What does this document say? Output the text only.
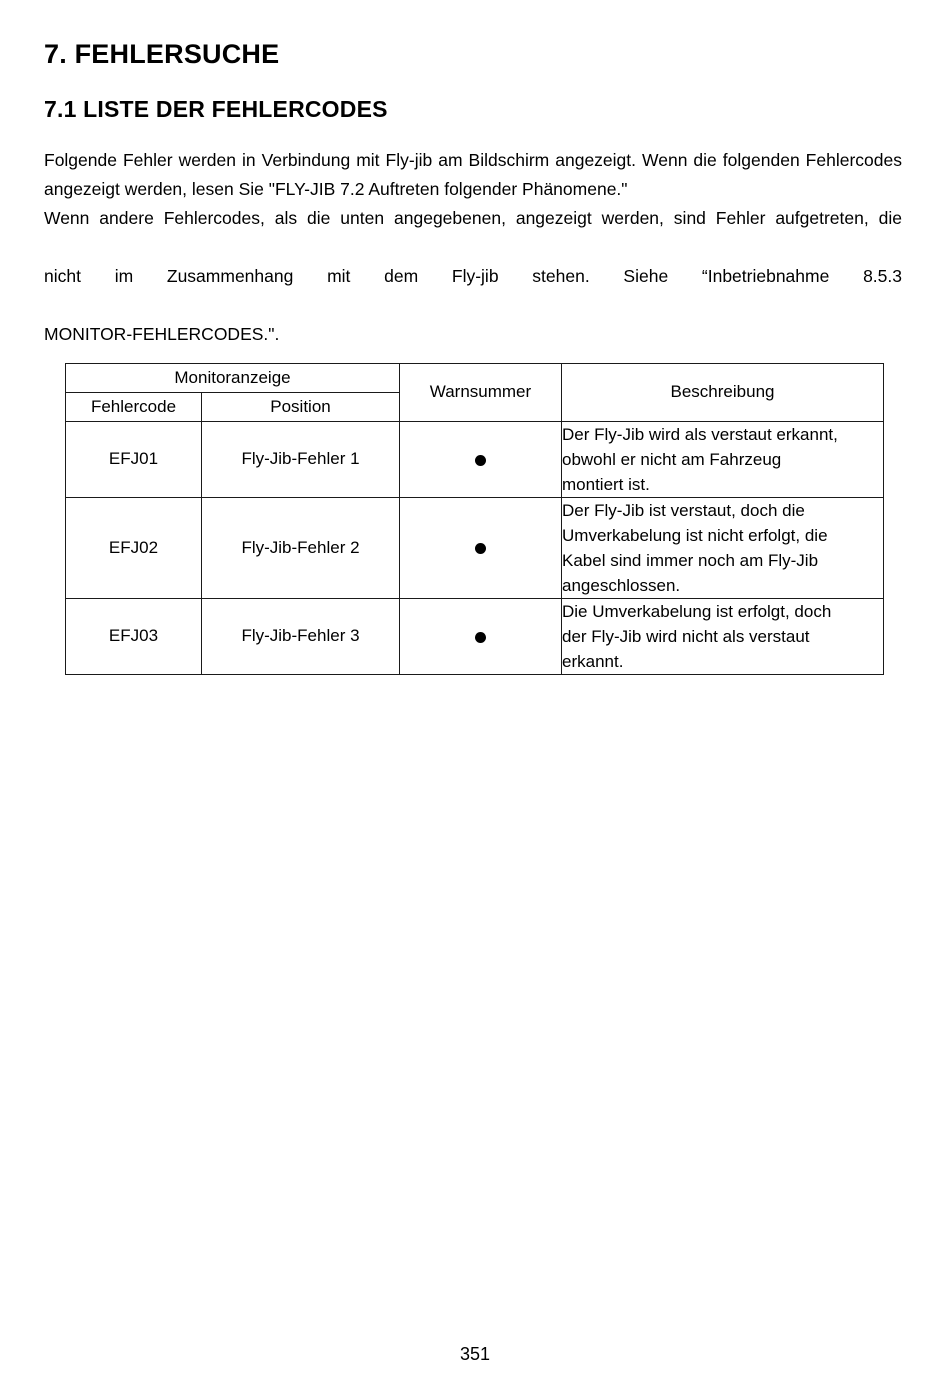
7. FEHLERSUCHE
7.1 LISTE DER FEHLERCODES

Folgende Fehler werden in Verbindung mit Fly-jib am Bildschirm angezeigt. Wenn die folgenden Fehlercodes angezeigt werden, lesen Sie "FLY-JIB 7.2 Auftreten folgender Phänomene."

Wenn andere Fehlercodes, als die unten angegebenen, angezeigt werden, sind Fehler aufgetreten, die
nicht im Zusammenhang mit dem Fly-jib stehen. Siehe “Inbetriebnahme 8.5.3
MONITOR-FEHLERCODES.".

Monitoranzeige		Warnsummer	Beschreibung
Fehlercode	Position		
EFJ01	Fly-Jib-Fehler 1		Der Fly-Jib wird als verstaut erkannt,
obwohl er nicht am Fahrzeug
montiert ist.

EFJ02	Fly-Jib-Fehler 2		Der Fly-Jib ist verstaut, doch die
Umverkabelung ist nicht erfolgt, die
Kabel sind immer noch am Fly-Jib
angeschlossen.

EFJ03	Fly-Jib-Fehler 3		Die Umverkabelung ist erfolgt, doch
der Fly-Jib wird nicht als verstaut
erkannt.
351
